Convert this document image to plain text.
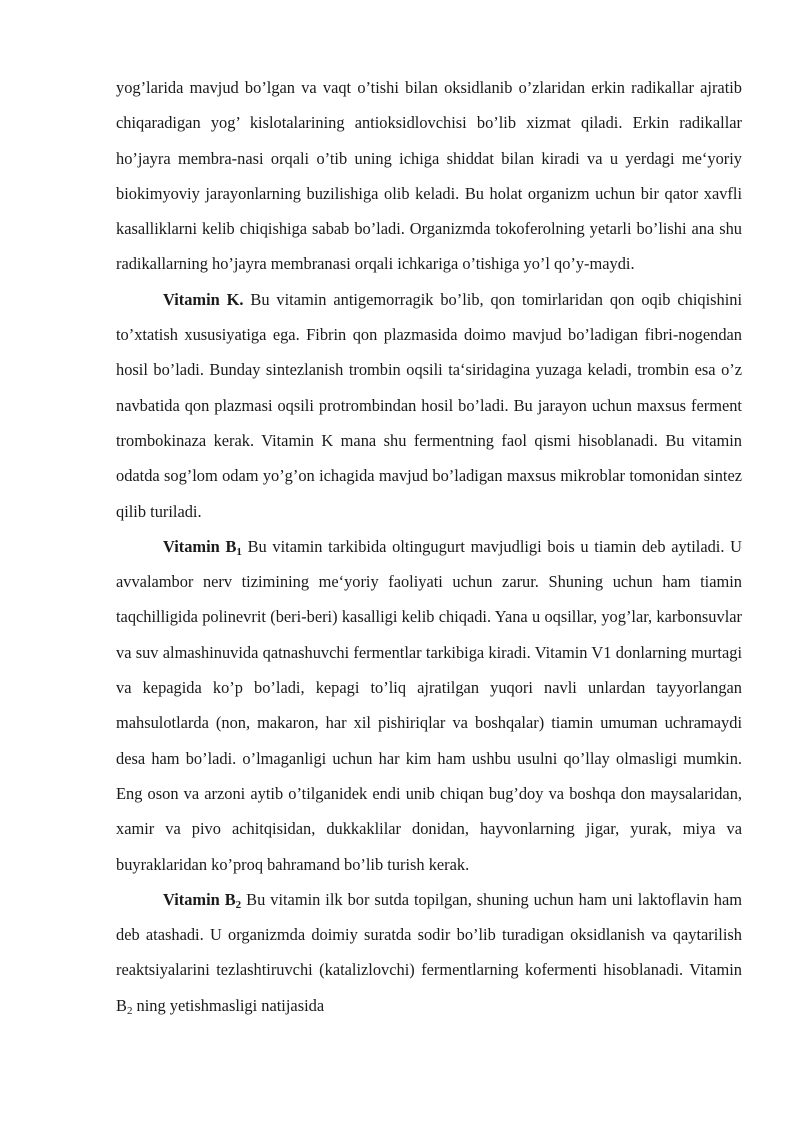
yog’larida mavjud bo’lgan va vaqt o’tishi bilan oksidlanib o’zlaridan erkin radikallar ajratib chiqaradigan yog’ kislotalarining antioksidlovchisi bo’lib xizmat qiladi. Erkin radikallar ho’jayra membra-nasi orqali o’tib uning ichiga shiddat bilan kiradi va u yerdagi me‘yoriy biokimyoviy jarayonlarning buzilishiga olib keladi. Bu holat organizm uchun bir qator xavfli kasalliklarni kelib chiqishiga sabab bo’ladi. Organizmda tokoferolning yetarli bo’lishi ana shu radikallarning ho’jayra membranasi orqali ichkariga o’tishiga yo’l qo’y-maydi.

Vitamin K. Bu vitamin antigemorragik bo’lib, qon tomirlaridan qon oqib chiqishini to’xtatish xususiyatiga ega. Fibrin qon plazmasida doimo mavjud bo’ladigan fibri-nogendan hosil bo’ladi. Bunday sintezlanish trombin oqsili ta‘siridagina yuzaga keladi, trombin esa o’z navbatida qon plazmasi oqsili protrombindan hosil bo’ladi. Bu jarayon uchun maxsus ferment trombokinaza kerak. Vitamin K mana shu fermentning faol qismi hisoblanadi. Bu vitamin odatda sog’lom odam yo’g’on ichagida mavjud bo’ladigan maxsus mikroblar tomonidan sintez qilib turiladi.

Vitamin $B_1$ Bu vitamin tarkibida oltingugurt mavjudligi bois u tiamin deb aytiladi. U avvalambor nerv tizimining me‘yoriy faoliyati uchun zarur. Shuning uchun ham tiamin taqchilligida polinevrit (beri-beri) kasalligi kelib chiqadi. Yana u oqsillar, yog’lar, karbonsuvlar va suv almashinuvida qatnashuvchi fermentlar tarkibiga kiradi. Vitamin V1 donlarning murtagi va kepagida ko’p bo’ladi, kepagi to’liq ajratilgan yuqori navli unlardan tayyorlangan mahsulotlarda (non, makaron, har xil pishiriqlar va boshqalar) tiamin umuman uchramaydi desa ham bo’ladi. o’lmaganligi uchun har kim ham ushbu usulni qo’llay olmasligi mumkin. Eng oson va arzoni aytib o’tilganidek endi unib chiqan bug’doy va boshqa don maysalaridan, xamir va pivo achitqisidan, dukkaklilar donidan, hayvonlarning jigar, yurak, miya va buyraklaridan ko’proq bahramand bo’lib turish kerak.

Vitamin $B_2$ Bu vitamin ilk bor sutda topilgan, shuning uchun ham uni laktoflavin ham deb atashadi. U organizmda doimiy suratda sodir bo’lib turadigan oksidlanish va qaytarilish reaktsiyalarini tezlashtiruvchi (katalizlovchi) fermentlarning kofermenti hisoblanadi. Vitamin $B_2$ ning yetishmasligi natijasida
